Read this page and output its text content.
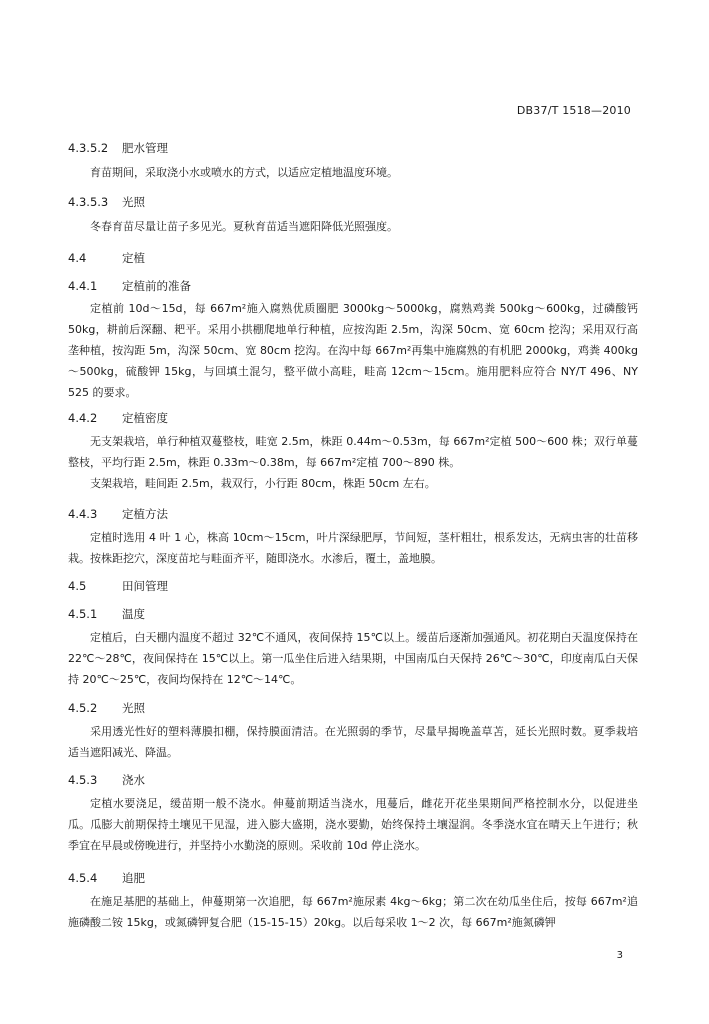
DB37/T 1518—2010
4.3.5.2 肥水管理
育苗期间，采取浇小水或喷水的方式，以适应定植地温度环境。
4.3.5.3 光照
冬春育苗尽量让苗子多见光。夏秋育苗适当遮阳降低光照强度。
4.4	定植
4.4.1 定植前的准备
定植前 10d～15d，每 667m²施入腐熟优质圈肥 3000kg～5000kg，腐熟鸡粪 500kg～600kg，过磷酸钙 50kg，耕前后深翻、耙平。采用小拱棚爬地单行种植，应按沟距 2.5m，沟深 50cm、宽 60cm 挖沟；采用双行高垄种植，按沟距 5m，沟深 50cm、宽 80cm 挖沟。在沟中每 667m²再集中施腐熟的有机肥 2000kg，鸡粪 400kg～500kg，硫酸钾 15kg，与回填土混匀，整平做小高畦，畦高 12cm～15cm。施用肥料应符合 NY/T 496、NY 525 的要求。
4.4.2 定植密度
无支架栽培，单行种植双蔓整枝，畦宽 2.5m，株距 0.44m～0.53m，每 667m²定植 500～600 株；双行单蔓整枝，平均行距 2.5m，株距 0.33m～0.38m，每 667m²定植 700～890 株。
支架栽培，畦间距 2.5m，栽双行，小行距 80cm，株距 50cm 左右。
4.4.3 定植方法
定植时选用 4 叶 1 心，株高 10cm～15cm，叶片深绿肥厚，节间短，茎杆粗壮，根系发达，无病虫害的壮苗移栽。按株距挖穴，深度苗坨与畦面齐平，随即浇水。水渗后，覆土，盖地膜。
4.5	田间管理
4.5.1 温度
定植后，白天棚内温度不超过 32℃不通风，夜间保持 15℃以上。缓苗后逐渐加强通风。初花期白天温度保持在 22℃～28℃，夜间保持在 15℃以上。第一瓜坐住后进入结果期，中国南瓜白天保持 26℃～30℃，印度南瓜白天保持 20℃～25℃，夜间均保持在 12℃～14℃。
4.5.2 光照
采用透光性好的塑料薄膜扣棚，保持膜面清洁。在光照弱的季节，尽量早揭晚盖草苫，延长光照时数。夏季栽培适当遮阳减光、降温。
4.5.3 浇水
定植水要浇足，缓苗期一般不浇水。伸蔓前期适当浇水，甩蔓后，雌花开花坐果期间严格控制水分，以促进坐瓜。瓜膨大前期保持土壤见干见湿，进入膨大盛期，浇水要勤，始终保持土壤湿润。冬季浇水宜在晴天上午进行；秋季宜在早晨或傍晚进行，并坚持小水勤浇的原则。采收前 10d 停止浇水。
4.5.4 追肥
在施足基肥的基础上，伸蔓期第一次追肥，每 667m²施尿素 4kg～6kg；第二次在幼瓜坐住后，按每 667m²追施磷酸二铵 15kg，或氮磷钾复合肥（15-15-15）20kg。以后每采收 1～2 次，每 667m²施氮磷钾
3
